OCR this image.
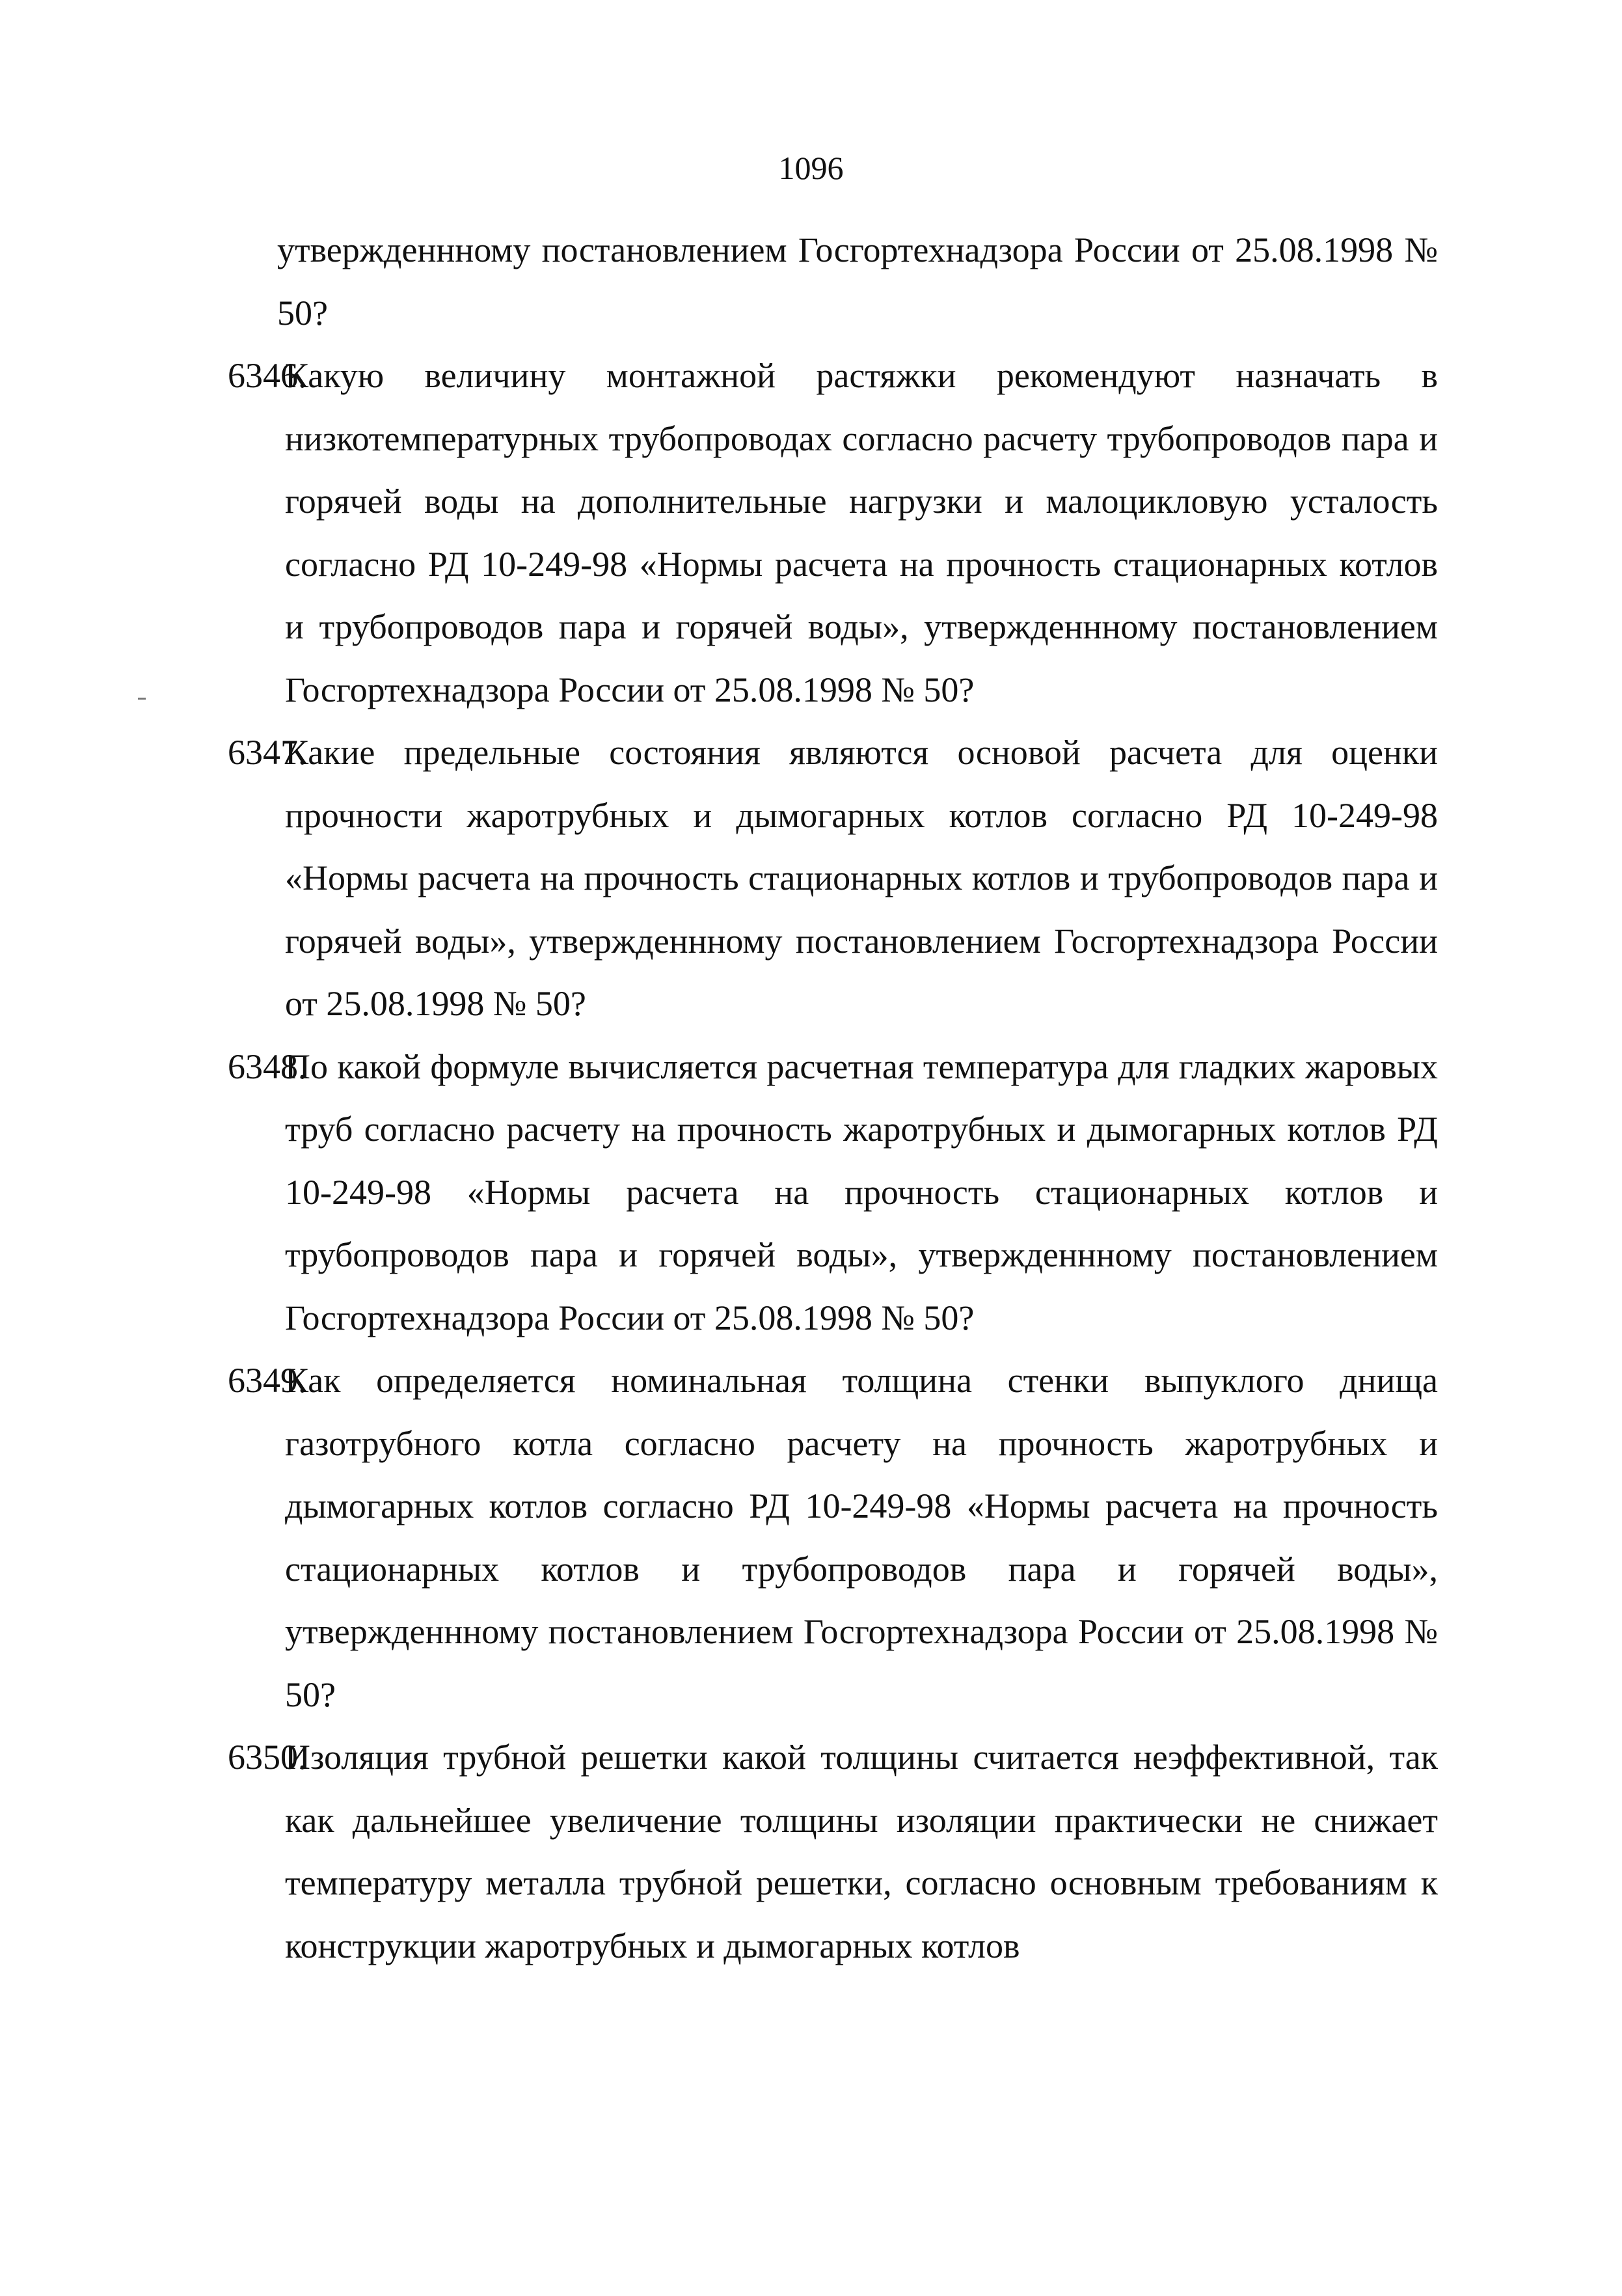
1096

утвержденнному постановлением Госгортехнадзора России от 25.08.1998 № 50?

6346.

Какую величину монтажной растяжки рекомендуют назначать в низкотемпературных трубопроводах согласно расчету трубопроводов пара и горячей воды на дополнительные нагрузки и малоцикловую усталость согласно РД 10-249-98 «Нормы расчета на прочность стационарных котлов и трубопроводов пара и горячей воды», утвержденнному постановлением Госгортехнадзора России от 25.08.1998 № 50?

6347.

Какие предельные состояния являются основой расчета для оценки прочности жаротрубных и дымогарных котлов согласно РД 10-249-98 «Нормы расчета на прочность стационарных котлов и трубопроводов пара и горячей воды», утвержденнному постановлением Госгортехнадзора России от 25.08.1998 № 50?

6348.

По какой формуле вычисляется расчетная температура для гладких жаровых труб согласно расчету на прочность жаротрубных и дымогарных котлов РД 10-249-98 «Нормы расчета на прочность стационарных котлов и трубопроводов пара и горячей воды», утвержденнному постановлением Госгортехнадзора России от 25.08.1998 № 50?

6349.

Как определяется номинальная толщина стенки выпуклого днища газотрубного котла согласно расчету на прочность жаротрубных и дымогарных котлов согласно РД 10-249-98 «Нормы расчета на прочность стационарных котлов и трубопроводов пара и горячей воды», утвержденнному постановлением Госгортехнадзора России от 25.08.1998 № 50?

6350.

Изоляция трубной решетки какой толщины считается неэффективной, так как дальнейшее увеличение толщины изоляции практически не снижает температуру металла трубной решетки, согласно основным требованиям к конструкции жаротрубных и дымогарных котлов
